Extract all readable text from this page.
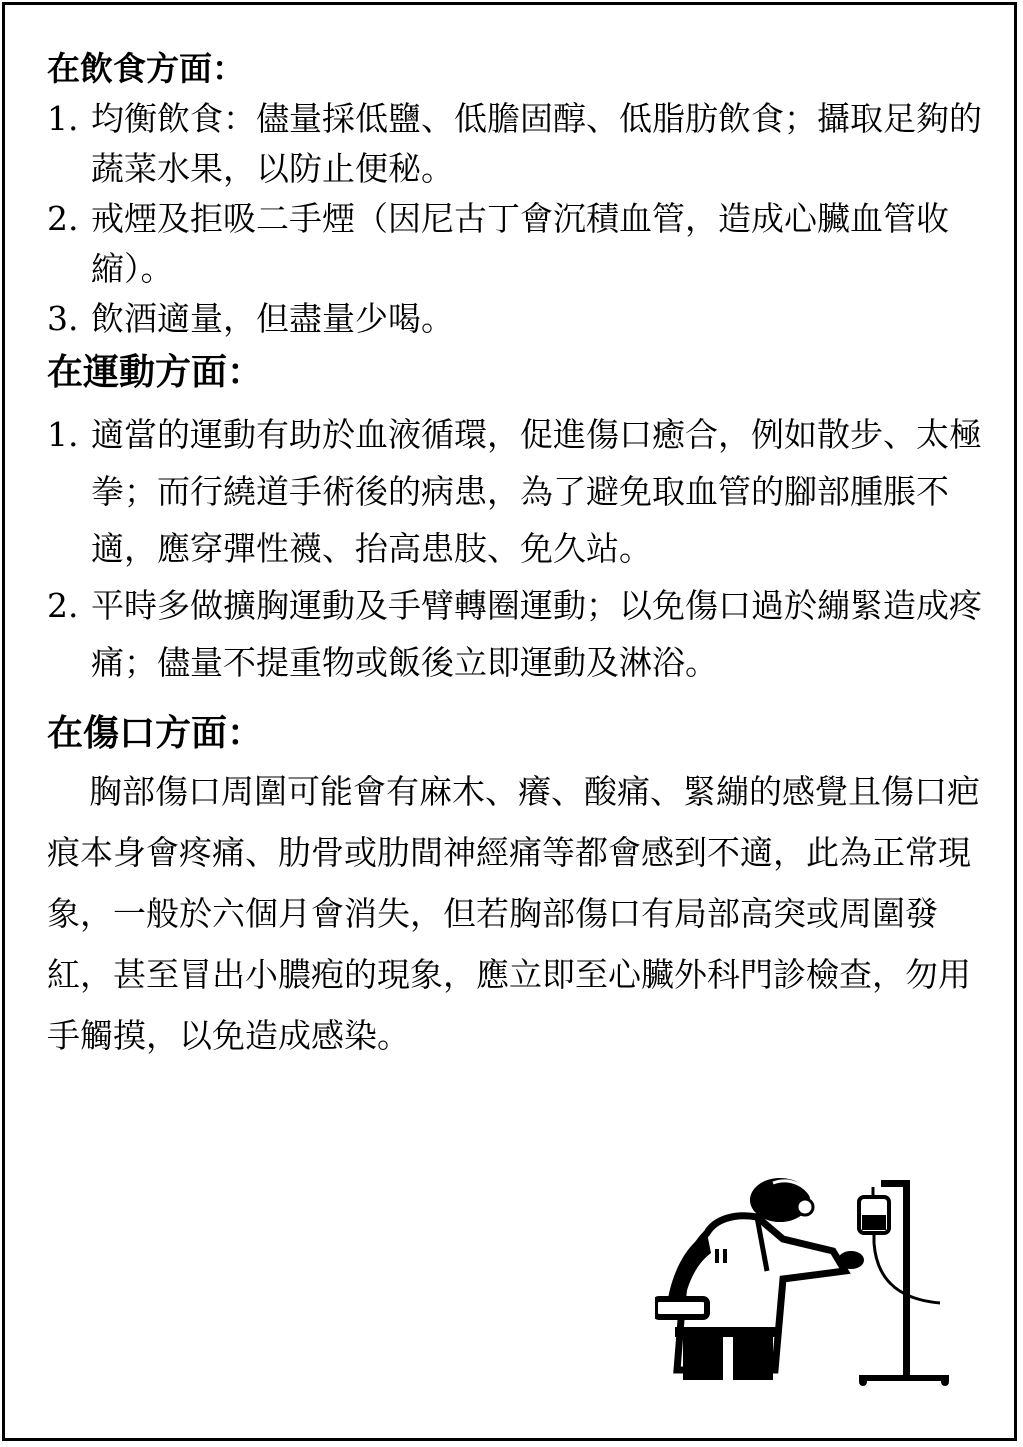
在飲食方面：
1. 均衡飲食：儘量採低鹽、低膽固醇、低脂肪飲食；攝取足夠的蔬菜水果，以防止便秘。
2. 戒煙及拒吸二手煙（因尼古丁會沉積血管，造成心臟血管收縮）。
3. 飲酒適量，但盡量少喝。
在運動方面：
1. 適當的運動有助於血液循環，促進傷口癒合，例如散步、太極拳；而行繞道手術後的病患，為了避免取血管的腳部腫脹不適，應穿彈性襪、抬高患肢、免久站。
2. 平時多做擴胸運動及手臂轉圈運動；以免傷口過於繃緊造成疼痛；儘量不提重物或飯後立即運動及淋浴。
在傷口方面：

胸部傷口周圍可能會有麻木、癢、酸痛、緊繃的感覺且傷口疤痕本身會疼痛、肋骨或肋間神經痛等都會感到不適，此為正常現象，一般於六個月會消失，但若胸部傷口有局部高突或周圍發紅，甚至冒出小膿疱的現象，應立即至心臟外科門診檢查，勿用手觸摸，以免造成感染。
